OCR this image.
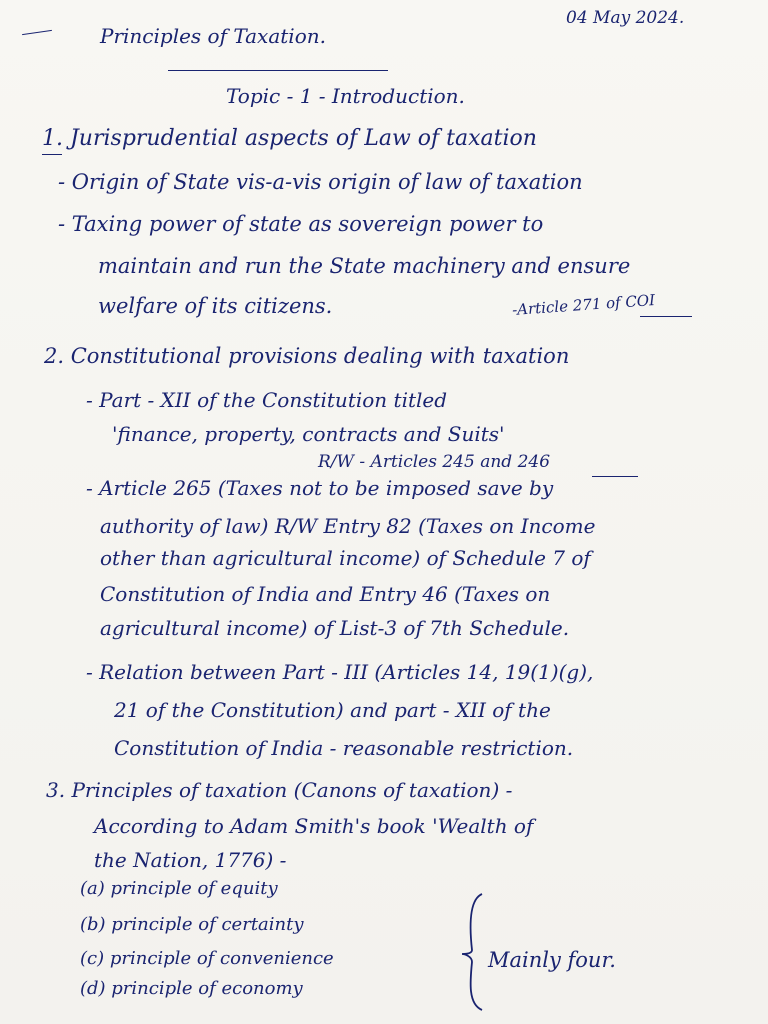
Principles of Taxation.
04 May 2024.
Topic - 1 - Introduction.
1. Jurisprudential aspects of Law of taxation
- Origin of State vis-a-vis origin of law of taxation
- Taxing power of state as sovereign power to
maintain and run the State machinery and ensure
welfare of its citizens.	-Article 271 of COI
2. Constitutional provisions dealing with taxation
- Part - XII of the Constitution titled
'finance, property, contracts and Suits'
R/W - Articles 245 and 246
- Article 265 (Taxes not to be imposed save by
authority of law) R/W Entry 82 (Taxes on Income
other than agricultural income) of Schedule 7 of
Constitution of India and Entry 46 (Taxes on
agricultural income) of List-3 of 7th Schedule.
- Relation between Part - III (Articles 14, 19(1)(g),
21 of the Constitution) and part - XII of the
Constitution of India - reasonable restriction.
3. Principles of taxation (Canons of taxation) -
According to Adam Smith's book 'Wealth of
the Nation, 1776) -
(a) principle of equity
(b) principle of certainty
(c) principle of convenience
(d) principle of economy
Mainly four.
